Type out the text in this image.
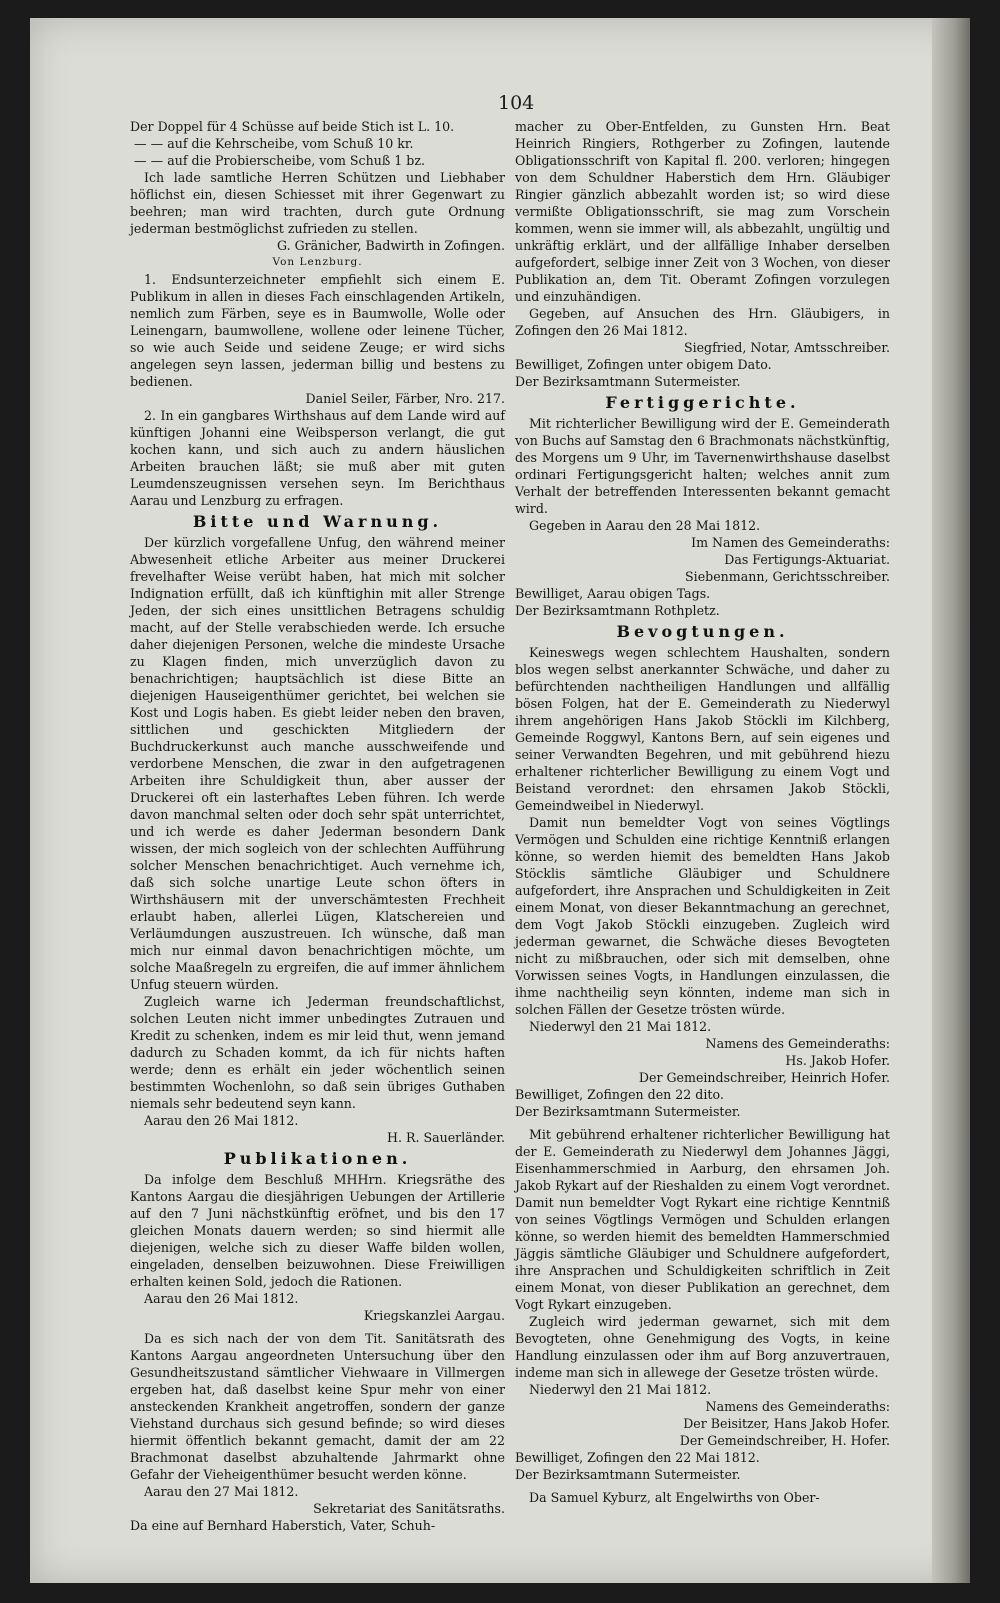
104

Der Doppel für 4 Schüsse auf beide Stich ist L. 10.

— — auf die Kehrscheibe, vom Schuß 10 kr.

— — auf die Probierscheibe, vom Schuß 1 bz.

Ich lade samtliche Herren Schützen und Liebhaber höflichst ein, diesen Schiesset mit ihrer Gegenwart zu beehren; man wird trachten, durch gute Ordnung jederman bestmöglichst zufrieden zu stellen.

G. Gränicher, Badwirth in Zofingen.

Von Lenzburg.

1. Endsunterzeichneter empfiehlt sich einem E. Publikum in allen in dieses Fach einschlagenden Artikeln, nemlich zum Färben, seye es in Baumwolle, Wolle oder Leinengarn, baumwollene, wollene oder leinene Tücher, so wie auch Seide und seidene Zeuge; er wird sichs angelegen seyn lassen, jederman billig und bestens zu bedienen.

Daniel Seiler, Färber, Nro. 217.

2. In ein gangbares Wirthshaus auf dem Lande wird auf künftigen Johanni eine Weibsperson verlangt, die gut kochen kann, und sich auch zu andern häuslichen Arbeiten brauchen läßt; sie muß aber mit guten Leumdenszeugnissen versehen seyn. Im Berichthaus Aarau und Lenzburg zu erfragen.

Bitte und Warnung.

Der kürzlich vorgefallene Unfug, den während meiner Abwesenheit etliche Arbeiter aus meiner Druckerei frevelhafter Weise verübt haben, hat mich mit solcher Indignation erfüllt, daß ich künftighin mit aller Strenge Jeden, der sich eines unsittlichen Betragens schuldig macht, auf der Stelle verabschieden werde. Ich ersuche daher diejenigen Personen, welche die mindeste Ursache zu Klagen finden, mich unverzüglich davon zu benachrichtigen; hauptsächlich ist diese Bitte an diejenigen Hauseigenthümer gerichtet, bei welchen sie Kost und Logis haben. Es giebt leider neben den braven, sittlichen und geschickten Mitgliedern der Buchdruckerkunst auch manche ausschweifende und verdorbene Menschen, die zwar in den aufgetragenen Arbeiten ihre Schuldigkeit thun, aber ausser der Druckerei oft ein lasterhaftes Leben führen. Ich werde davon manchmal selten oder doch sehr spät unterrichtet, und ich werde es daher Jederman besondern Dank wissen, der mich sogleich von der schlechten Aufführung solcher Menschen benachrichtiget. Auch vernehme ich, daß sich solche unartige Leute schon öfters in Wirthshäusern mit der unverschämtesten Frechheit erlaubt haben, allerlei Lügen, Klatschereien und Verläumdungen auszustreuen. Ich wünsche, daß man mich nur einmal davon benachrichtigen möchte, um solche Maaßregeln zu ergreifen, die auf immer ähnlichem Unfug steuern würden.

Zugleich warne ich Jederman freundschaftlichst, solchen Leuten nicht immer unbedingtes Zutrauen und Kredit zu schenken, indem es mir leid thut, wenn jemand dadurch zu Schaden kommt, da ich für nichts haften werde; denn es erhält ein jeder wöchentlich seinen bestimmten Wochenlohn, so daß sein übriges Guthaben niemals sehr bedeutend seyn kann.

Aarau den 26 Mai 1812.

H. R. Sauerländer.

Publikationen.

Da infolge dem Beschluß MHHrn. Kriegsräthe des Kantons Aargau die diesjährigen Uebungen der Artillerie auf den 7 Juni nächstkünftig eröfnet, und bis den 17 gleichen Monats dauern werden; so sind hiermit alle diejenigen, welche sich zu dieser Waffe bilden wollen, eingeladen, denselben beizuwohnen. Diese Freiwilligen erhalten keinen Sold, jedoch die Rationen.

Aarau den 26 Mai 1812.

Kriegskanzlei Aargau.

Da es sich nach der von dem Tit. Sanitätsrath des Kantons Aargau angeordneten Untersuchung über den Gesundheitszustand sämtlicher Viehwaare in Villmergen ergeben hat, daß daselbst keine Spur mehr von einer ansteckenden Krankheit angetroffen, sondern der ganze Viehstand durchaus sich gesund befinde; so wird dieses hiermit öffentlich bekannt gemacht, damit der am 22 Brachmonat daselbst abzuhaltende Jahrmarkt ohne Gefahr der Vieheigenthümer besucht werden könne.

Aarau den 27 Mai 1812.

Sekretariat des Sanitätsraths.

Da eine auf Bernhard Haberstich, Vater, Schuh-

macher zu Ober-Entfelden, zu Gunsten Hrn. Beat Heinrich Ringiers, Rothgerber zu Zofingen, lautende Obligationsschrift von Kapital fl. 200. verloren; hingegen von dem Schuldner Haberstich dem Hrn. Gläubiger Ringier gänzlich abbezahlt worden ist; so wird diese vermißte Obligationsschrift, sie mag zum Vorschein kommen, wenn sie immer will, als abbezahlt, ungültig und unkräftig erklärt, und der allfällige Inhaber derselben aufgefordert, selbige inner Zeit von 3 Wochen, von dieser Publikation an, dem Tit. Oberamt Zofingen vorzulegen und einzuhändigen.

Gegeben, auf Ansuchen des Hrn. Gläubigers, in Zofingen den 26 Mai 1812.

Siegfried, Notar, Amtsschreiber.

Bewilliget, Zofingen unter obigem Dato.

Der Bezirksamtmann Sutermeister.

Fertiggerichte.

Mit richterlicher Bewilligung wird der E. Gemeinderath von Buchs auf Samstag den 6 Brachmonats nächstkünftig, des Morgens um 9 Uhr, im Tavernenwirthshause daselbst ordinari Fertigungsgericht halten; welches annit zum Verhalt der betreffenden Interessenten bekannt gemacht wird.

Gegeben in Aarau den 28 Mai 1812.

Im Namen des Gemeinderaths:

Das Fertigungs-Aktuariat.

Siebenmann, Gerichtsschreiber.

Bewilliget, Aarau obigen Tags.

Der Bezirksamtmann Rothpletz.

Bevogtungen.

Keineswegs wegen schlechtem Haushalten, sondern blos wegen selbst anerkannter Schwäche, und daher zu befürchtenden nachtheiligen Handlungen und allfällig bösen Folgen, hat der E. Gemeinderath zu Niederwyl ihrem angehörigen Hans Jakob Stöckli im Kilchberg, Gemeinde Roggwyl, Kantons Bern, auf sein eigenes und seiner Verwandten Begehren, und mit gebührend hiezu erhaltener richterlicher Bewilligung zu einem Vogt und Beistand verordnet: den ehrsamen Jakob Stöckli, Gemeindweibel in Niederwyl.

Damit nun bemeldter Vogt von seines Vögtlings Vermögen und Schulden eine richtige Kenntniß erlangen könne, so werden hiemit des bemeldten Hans Jakob Stöcklis sämtliche Gläubiger und Schuldnere aufgefordert, ihre Ansprachen und Schuldigkeiten in Zeit einem Monat, von dieser Bekanntmachung an gerechnet, dem Vogt Jakob Stöckli einzugeben. Zugleich wird jederman gewarnet, die Schwäche dieses Bevogteten nicht zu mißbrauchen, oder sich mit demselben, ohne Vorwissen seines Vogts, in Handlungen einzulassen, die ihme nachtheilig seyn könnten, indeme man sich in solchen Fällen der Gesetze trösten würde.

Niederwyl den 21 Mai 1812.

Namens des Gemeinderaths:

Hs. Jakob Hofer.

Der Gemeindschreiber, Heinrich Hofer.

Bewilliget, Zofingen den 22 dito.

Der Bezirksamtmann Sutermeister.

Mit gebührend erhaltener richterlicher Bewilligung hat der E. Gemeinderath zu Niederwyl dem Johannes Jäggi, Eisenhammerschmied in Aarburg, den ehrsamen Joh. Jakob Rykart auf der Rieshalden zu einem Vogt verordnet. Damit nun bemeldter Vogt Rykart eine richtige Kenntniß von seines Vögtlings Vermögen und Schulden erlangen könne, so werden hiemit des bemeldten Hammerschmied Jäggis sämtliche Gläubiger und Schuldnere aufgefordert, ihre Ansprachen und Schuldigkeiten schriftlich in Zeit einem Monat, von dieser Publikation an gerechnet, dem Vogt Rykart einzugeben.

Zugleich wird jederman gewarnet, sich mit dem Bevogteten, ohne Genehmigung des Vogts, in keine Handlung einzulassen oder ihm auf Borg anzuvertrauen, indeme man sich in allewege der Gesetze trösten würde.

Niederwyl den 21 Mai 1812.

Namens des Gemeinderaths:

Der Beisitzer, Hans Jakob Hofer.

Der Gemeindschreiber, H. Hofer.

Bewilliget, Zofingen den 22 Mai 1812.

Der Bezirksamtmann Sutermeister.

Da Samuel Kyburz, alt Engelwirths von Ober-
